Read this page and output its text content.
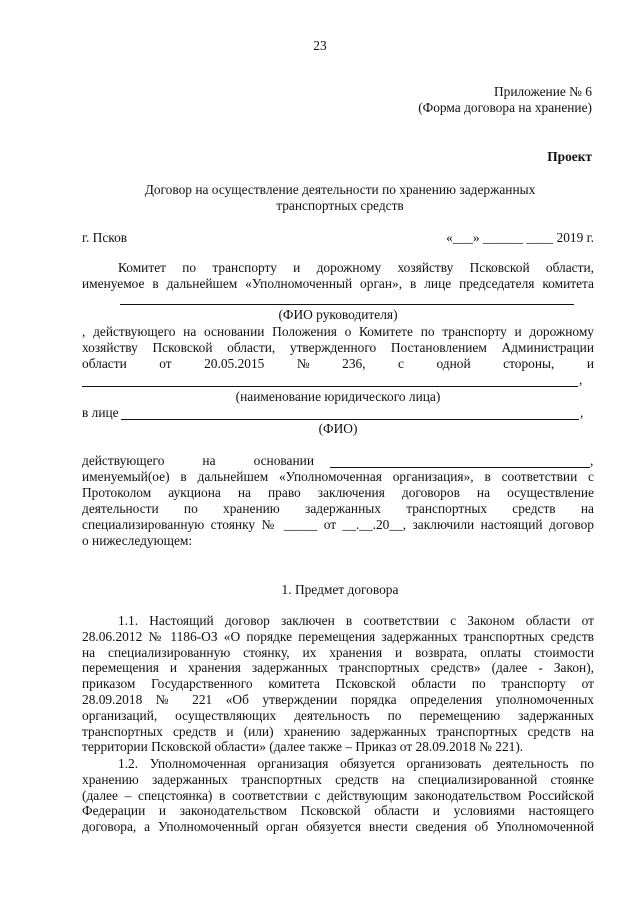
23
Приложение № 6
(Форма договора на хранение)
Проект
Договор на осуществление деятельности по хранению задержанных
транспортных средств
г. Псков	«___» ______ ____ 2019 г.
Комитет по транспорту и дорожному хозяйству Псковской области,
именуемое в дальнейшем «Уполномоченный орган», в лице председателя комитета
(ФИО руководителя)
, действующего на основании Положения о Комитете по транспорту и дорожному
хозяйству Псковской области, утвержденного Постановлением Администрации
области от 20.05.2015 № 236, с одной стороны, и
,
(наименование юридического лица)
в лице	,
(ФИО)
действующего	на	основании	,
именуемый(ое) в дальнейшем «Уполномоченная организация», в соответствии с
Протоколом аукциона на право заключения договоров на осуществление
деятельности по хранению задержанных транспортных средств на
специализированную стоянку № _____ от __.__.20__, заключили настоящий договор
о нижеследующем:
1. Предмет договора
1.1. Настоящий договор заключен в соответствии с Законом области от
28.06.2012 № 1186-ОЗ «О порядке перемещения задержанных транспортных средств
на специализированную стоянку, их хранения и возврата, оплаты стоимости
перемещения и хранения задержанных транспортных средств» (далее - Закон),
приказом Государственного комитета Псковской области по транспорту от
28.09.2018 № 221 «Об утверждении порядка определения уполномоченных
организаций, осуществляющих деятельность по перемещению задержанных
транспортных средств и (или) хранению задержанных транспортных средств на
территории Псковской области» (далее также – Приказ от 28.09.2018 № 221).
1.2. Уполномоченная организация обязуется организовать деятельность по
хранению задержанных транспортных средств на специализированной стоянке
(далее – спецстоянка) в соответствии с действующим законодательством Российской
Федерации и законодательством Псковской области и условиями настоящего
договора, а Уполномоченный орган обязуется внести сведения об Уполномоченной
